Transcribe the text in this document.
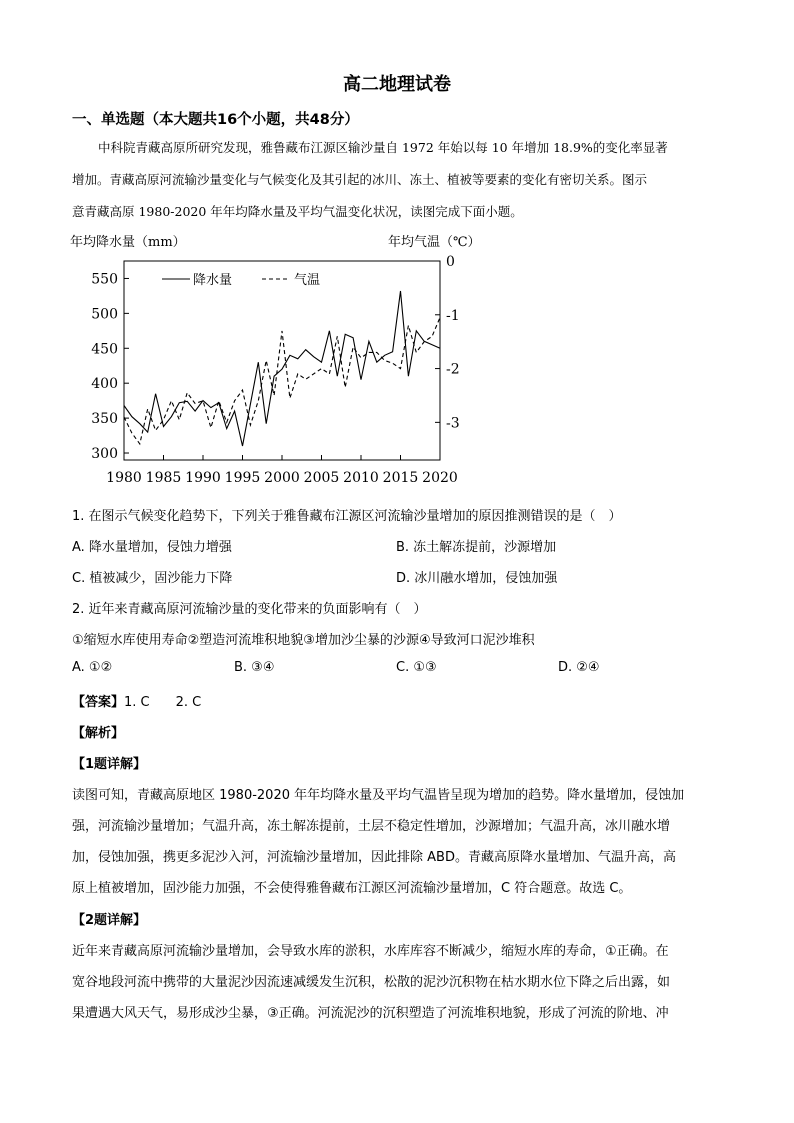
高二地理试卷
一、单选题（本大题共16个小题，共48分）
中科院青藏高原所研究发现，雅鲁藏布江源区输沙量自 1972 年始以每 10 年增加 18.9%的变化率显著
增加。青藏高原河流输沙量变化与气候变化及其引起的冰川、冻土、植被等要素的变化有密切关系。图示
意青藏高原 1980-2020 年年均降水量及平均气温变化状况，读图完成下面小题。
年均降水量（mm）	年均气温（℃）
550
500
450
400
350
300
0
-1
-2
-3
1980 1985 1990 1995 2000 2005 2010 2015 2020
降水量	气温
1. 在图示气候变化趋势下，下列关于雅鲁藏布江源区河流输沙量增加的原因推测错误的是（　）
A. 降水量增加，侵蚀力增强	B. 冻土解冻提前，沙源增加
C. 植被减少，固沙能力下降	D. 冰川融水增加，侵蚀加强
2. 近年来青藏高原河流输沙量的变化带来的负面影响有（　）
①缩短水库使用寿命②塑造河流堆积地貌③增加沙尘暴的沙源④导致河口泥沙堆积
A. ①②	B. ③④	C. ①③	D. ②④
【答案】1. C　　2. C
【解析】
【1题详解】
读图可知，青藏高原地区 1980-2020 年年均降水量及平均气温皆呈现为增加的趋势。降水量增加，侵蚀加
强，河流输沙量增加；气温升高，冻土解冻提前，土层不稳定性增加，沙源增加；气温升高，冰川融水增
加，侵蚀加强，携更多泥沙入河，河流输沙量增加，因此排除 ABD。青藏高原降水量增加、气温升高，高
原上植被增加，固沙能力加强，不会使得雅鲁藏布江源区河流输沙量增加，C 符合题意。故选 C。
【2题详解】
近年来青藏高原河流输沙量增加，会导致水库的淤积，水库库容不断减少，缩短水库的寿命，①正确。在
宽谷地段河流中携带的大量泥沙因流速减缓发生沉积，松散的泥沙沉积物在枯水期水位下降之后出露，如
果遭遇大风天气，易形成沙尘暴，③正确。河流泥沙的沉积塑造了河流堆积地貌，形成了河流的阶地、冲
